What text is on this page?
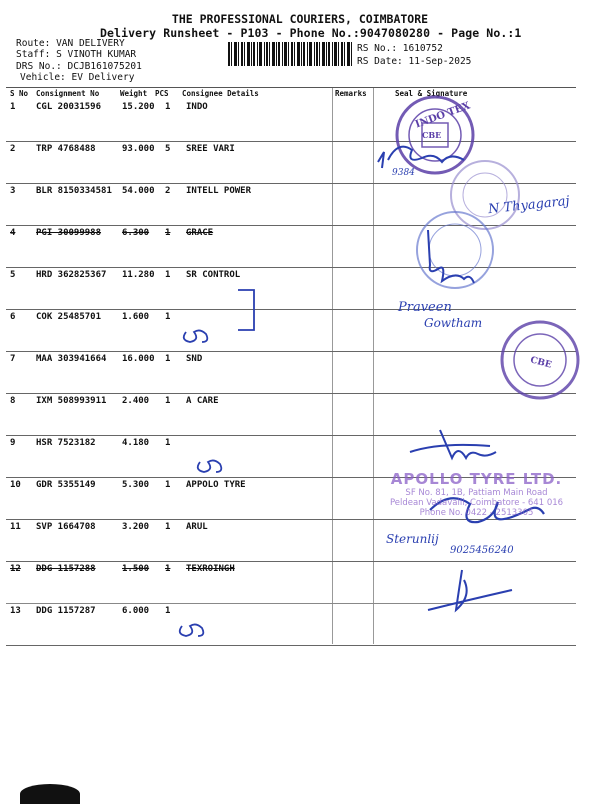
THE PROFESSIONAL COURIERS, COIMBATORE
Delivery Runsheet - P103 - Phone No.:9047080280 - Page No.:1
Route: VAN DELIVERY
Staff: S VINOTH KUMAR
DRS No.: DCJB161075201
Vehicle: EV Delivery
RS No.: 1610752
RS Date: 11-Sep-2025
S No Consignment No	Weight PCS Consignee Details	Remarks	Seal & Signature
1 CGL 20031596 15.200 1 INDO
2 TRP 4768488	93.000 5 SREE VARI
3 BLR 8150334581 54.000 2 INTELL POWER
4 PGI 30099988 6.300 1 GRACE
5 HRD 362825367 11.280 1 SR CONTROL
6 COK 25485701 1.600 1
7 MAA 303941664 16.000 1 SND
8 IXM 508993911 2.400 1 A CARE
9 HSR 7523182	4.180 1
10 GDR 5355149	5.300 1 APPOLO TYRE
11 SVP 1664708	3.200 1 ARUL
12 DDG 1157288	1.500 1 TEXROINGH
13 DDG 1157287	6.000 1
INDO TEX
CBE
9384
CBE
N Thyagaraj
Praveen
Gowtham
Sterunlij
9025456240
APOLLO TYRE LTD.
SF No. 81, 1B, Pattiam Main Road
Peldean Vadavalli, Coimbatore - 641 016
Phone No. 0422 - 2513305
